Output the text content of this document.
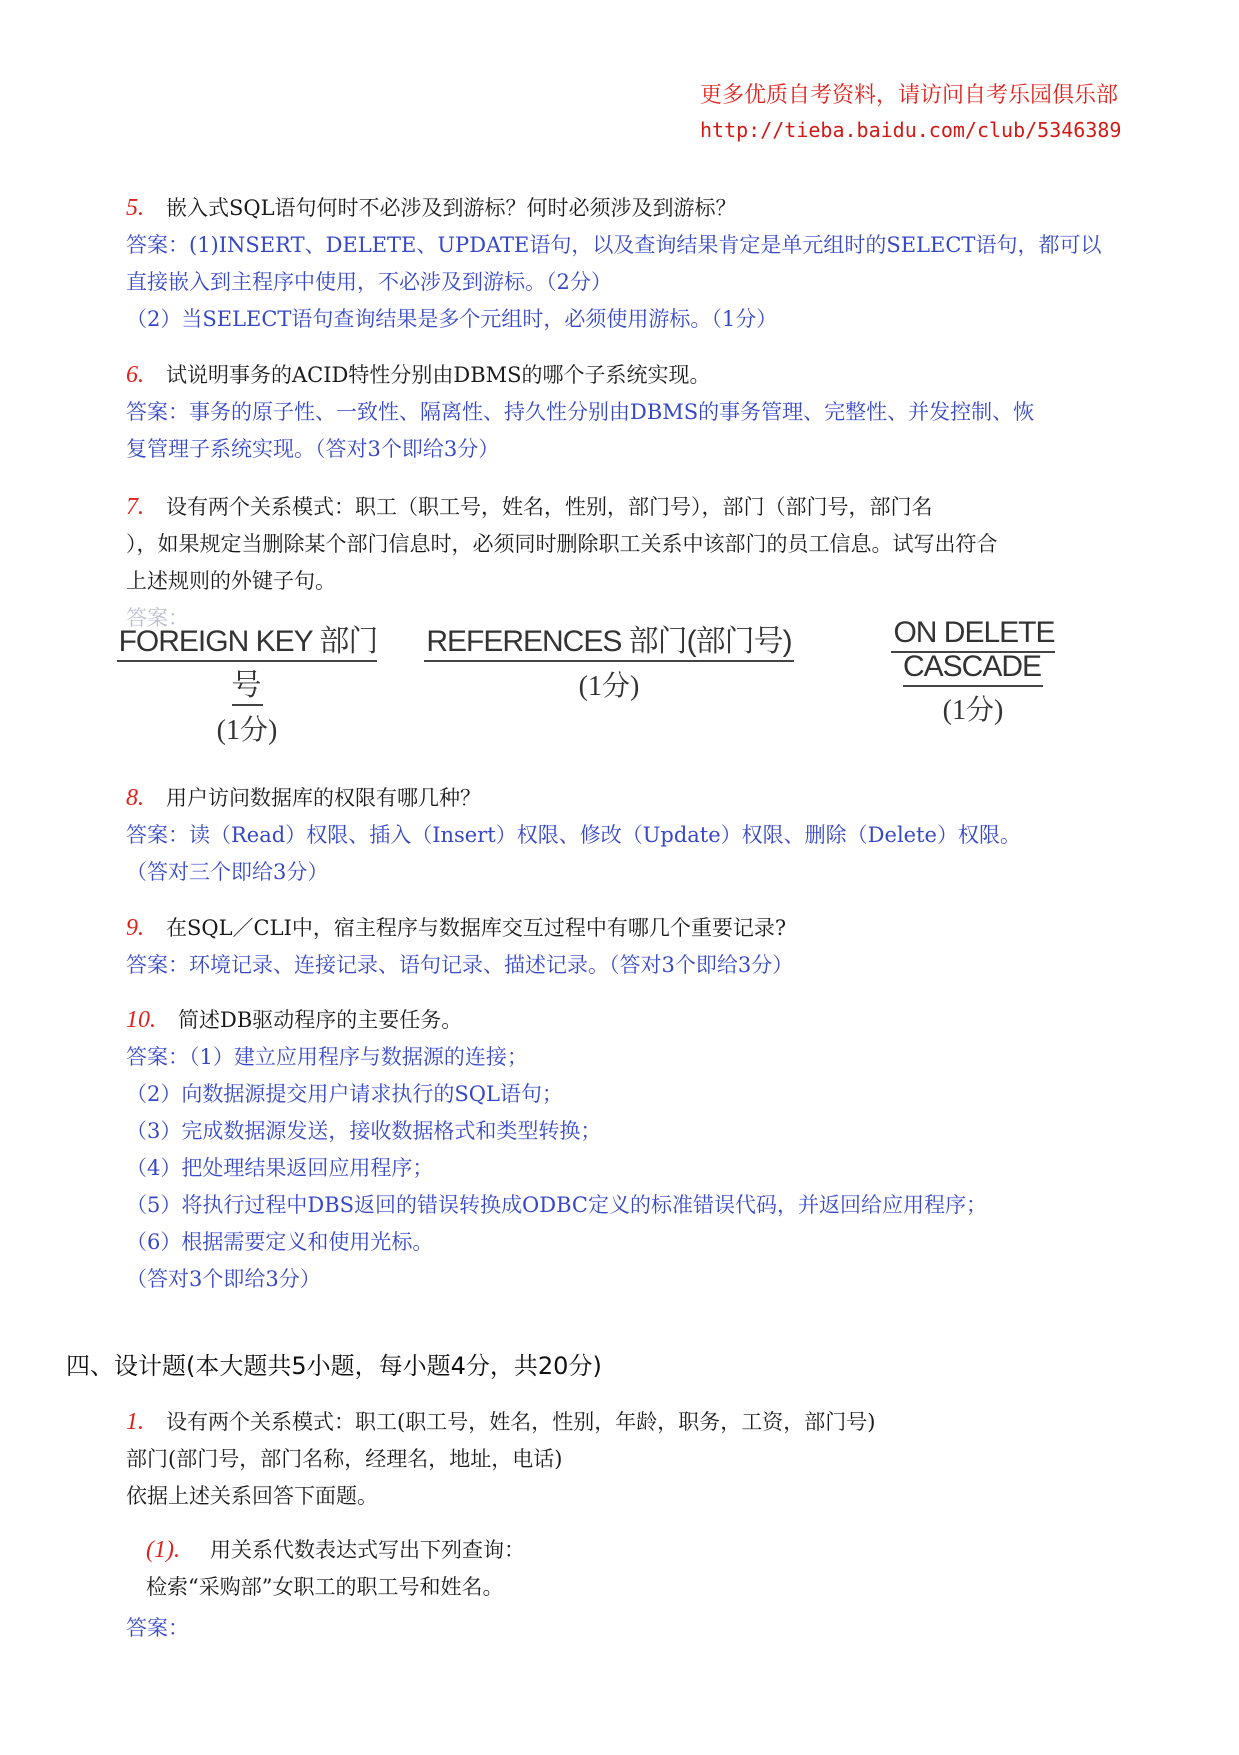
更多优质自考资料，请访问自考乐园俱乐部
http://tieba.baidu.com/club/5346389
5. 嵌入式SQL语句何时不必涉及到游标？何时必须涉及到游标？
答案：(1)INSERT、DELETE、UPDATE语句，以及查询结果肯定是单元组时的SELECT语句，都可以
直接嵌入到主程序中使用，不必涉及到游标。（2分）
（2）当SELECT语句查询结果是多个元组时，必须使用游标。（1分）
6. 试说明事务的ACID特性分别由DBMS的哪个子系统实现。
答案：事务的原子性、一致性、隔离性、持久性分别由DBMS的事务管理、完整性、并发控制、恢
复管理子系统实现。（答对3个即给3分）
7. 设有两个关系模式：职工（职工号，姓名，性别，部门号），部门（部门号，部门名
），如果规定当删除某个部门信息时，必须同时删除职工关系中该部门的员工信息。试写出符合
上述规则的外键子句。
答案：
FOREIGN KEY 部门号
(1分)
REFERENCES 部门(部门号)
(1分)
ON DELETE CASCADE
(1分)
8. 用户访问数据库的权限有哪几种？
答案：读（Read）权限、插入（Insert）权限、修改（Update）权限、删除（Delete）权限。
（答对三个即给3分）
9. 在SQL／CLI中，宿主程序与数据库交互过程中有哪几个重要记录?
答案：环境记录、连接记录、语句记录、描述记录。（答对3个即给3分）
10. 简述DB驱动程序的主要任务。
答案：（1）建立应用程序与数据源的连接；
（2）向数据源提交用户请求执行的SQL语句；
（3）完成数据源发送，接收数据格式和类型转换；
（4）把处理结果返回应用程序；
（5）将执行过程中DBS返回的错误转换成ODBC定义的标准错误代码，并返回给应用程序；
（6）根据需要定义和使用光标。
（答对3个即给3分）
四、设计题(本大题共5小题，每小题4分，共20分)
1. 设有两个关系模式：职工(职工号，姓名，性别，年龄，职务，工资，部门号)
部门(部门号，部门名称，经理名，地址，电话)
依据上述关系回答下面题。
(1). 用关系代数表达式写出下列查询：
检索“采购部”女职工的职工号和姓名。
答案：
